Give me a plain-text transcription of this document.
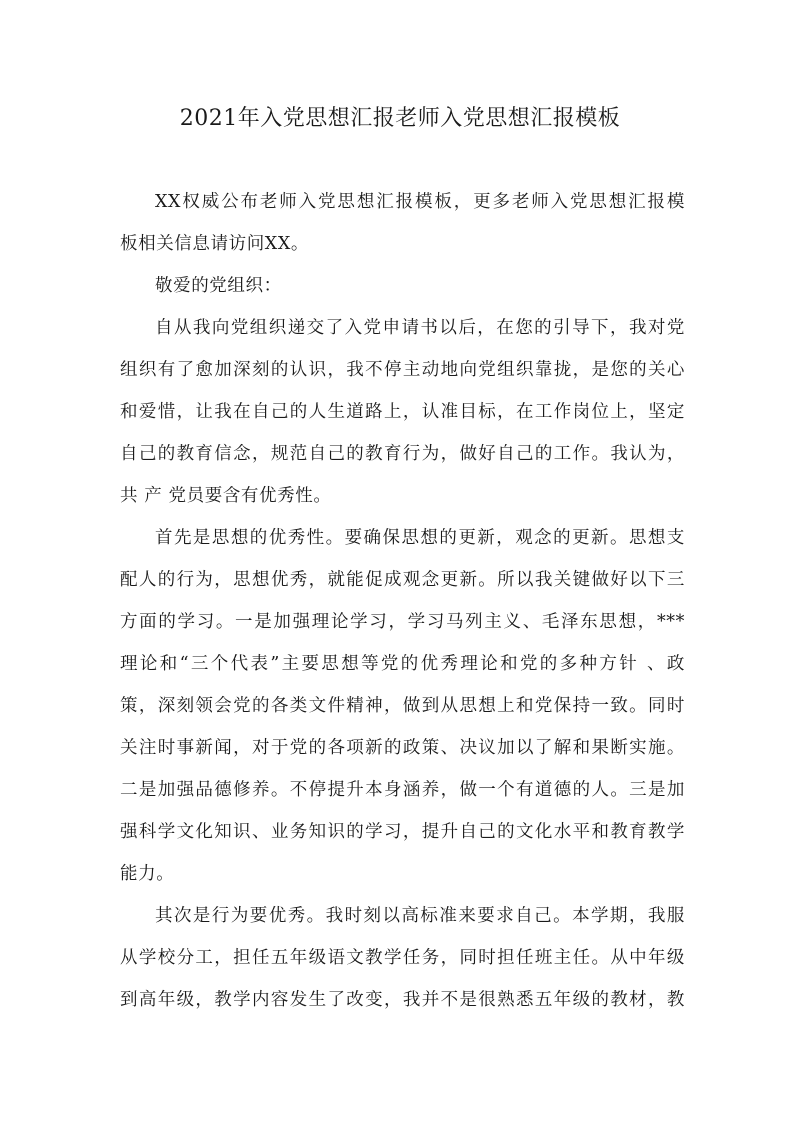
2021年入党思想汇报老师入党思想汇报模板

XX权威公布老师入党思想汇报模板，更多老师入党思想汇报模

板相关信息请访问XX。

敬爱的党组织：

自从我向党组织递交了入党申请书以后，在您的引导下，我对党

组织有了愈加深刻的认识，我不停主动地向党组织靠拢，是您的关心

和爱惜，让我在自己的人生道路上，认准目标，在工作岗位上，坚定

自己的教育信念，规范自己的教育行为，做好自己的工作。我认为，

共 产 党员要含有优秀性。

首先是思想的优秀性。要确保思想的更新，观念的更新。思想支

配人的行为，思想优秀，就能促成观念更新。所以我关键做好以下三

方面的学习。一是加强理论学习，学习马列主义、毛泽东思想，***

理论和“三个代表”主要思想等党的优秀理论和党的多种方针 、政

策，深刻领会党的各类文件精神，做到从思想上和党保持一致。同时

关注时事新闻，对于党的各项新的政策、决议加以了解和果断实施。

二是加强品德修养。不停提升本身涵养，做一个有道德的人。三是加

强科学文化知识、业务知识的学习，提升自己的文化水平和教育教学

能力。

其次是行为要优秀。我时刻以高标准来要求自己。本学期，我服

从学校分工，担任五年级语文教学任务，同时担任班主任。从中年级

到高年级，教学内容发生了改变，我并不是很熟悉五年级的教材，教
